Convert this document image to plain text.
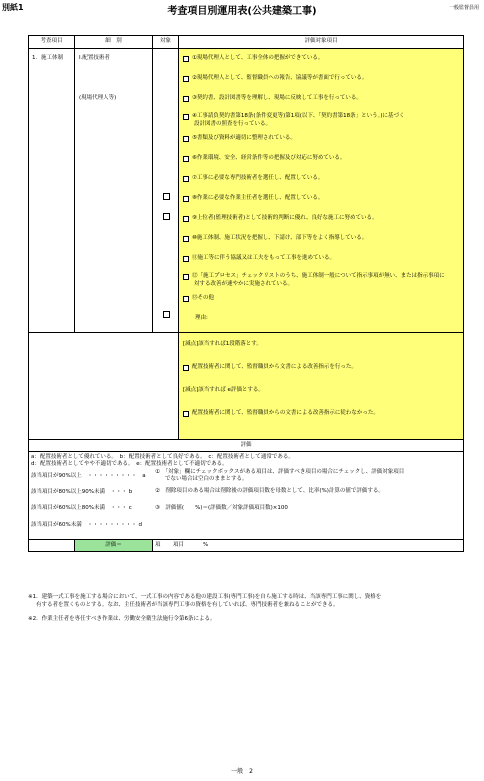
別紙1	考査項目別運用表(公共建築工事)	一般監督員用
考査項目	細　別	対象	評価対象項目
1．施工体制	Ⅰ.配置技術者
(現場代理人等)
①現場代理人として、工事全体の把握ができている。
②現場代理人として、監督職員への報告、協議等が書面で行っている。
③契約書、設計図書等を理解し、現場に反映して工事を行っている。
④工事請負契約書第18条(条件変更等)第1項(以下、「契約書第18条」という。)に基づく
設計図書の照査を行っている。
⑤書類及び資料が適切に整理されている。
⑥作業環境、安全、経営条件等の把握及び対応に努めている。
⑦工事に必要な専門技術者を選任し、配置している。
⑧作業に必要な作業主任者を選任し、配置している。
⑨上位者(監理技術者)として技術的判断に優れ、良好な施工に努めている。
⑩施工体制、施工状況を把握し、下請け、部下等をよく指導している。
⑪施工等に伴う協議又は工夫をもって工事を進めている。
⑫「施工プロセス」チェックリストのうち、施工体制一般について指示事項が無い、または指示事項に
対する改善が速やかに実施されている。
⑬その他
理由:
[減点]該当すれば1段階落とす。
配置技術者に関して、監督職員から文書による改善指示を行った。
[減点]該当すれば e評価とする。
配置技術者に関して、監督職員からの文書による改善指示に従わなかった。
評価
a：配置技術者として優れている。　b：配置技術者として良好である。　c：配置技術者として通常である。
d：配置技術者としてやや不適切である。　e：配置技術者として不適切である。
該当項目が90%以上　・・・・・・・・・　a
該当項目が80%以上90%未満　・・・ b
該当項目が60%以上80%未満　・・・ c
該当項目が60%未満　・・・・・・・・・ d
①　「対象」欄にチェックボックスがある項目は、評価すべき項目の場合にチェックし、評価対象項目
でない場合は空白のままとする。
②　削除項目のある場合は削除後の評価項目数を母数として、比率(%)計算の値で評価する。
③　評価値(　　%)＝(評価数／対象評価項目数)×100
評価＝	項 項目	%
※1．建築一式工事を施工する場合において、一式工事の内容である他の建設工事(専門工事)を自ら施工する時は、当該専門工事に関し、資格を
有する者を置くものとする。なお、主任技術者が当該専門工事の資格を有していれば、専門技術者を兼ねることができる。
※2．作業主任者を専任すべき作業は、労働安全衛生法施行令第6条による。
一般　2
